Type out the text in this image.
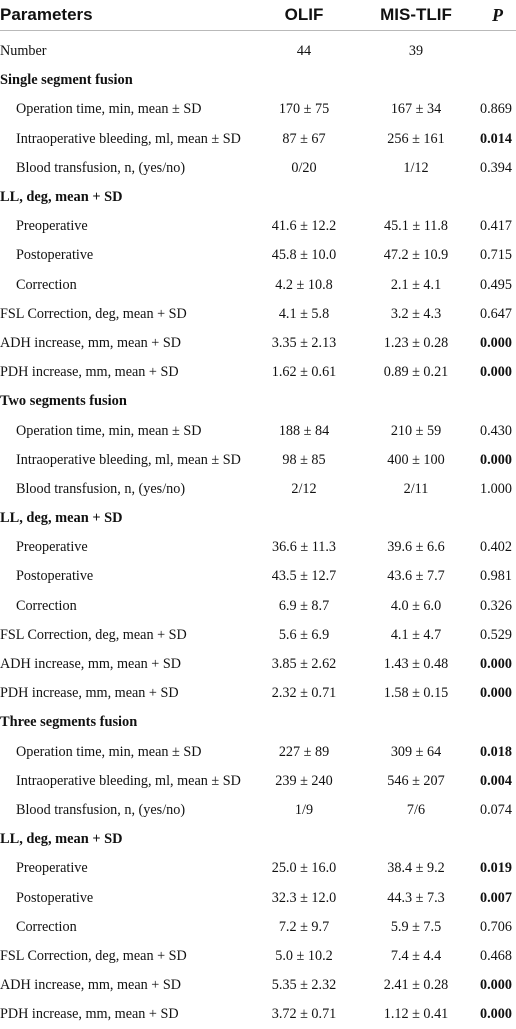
Parameters	OLIF	MIS-TLIF	P
Number	44	39
Single segment fusion
Operation time, min, mean ± SD	170 ± 75	167 ± 34	0.869
Intraoperative bleeding, ml, mean ± SD	87 ± 67	256 ± 161	0.014
Blood transfusion, n, (yes/no)	0/20	1/12	0.394
LL, deg, mean + SD
Preoperative	41.6 ± 12.2	45.1 ± 11.8	0.417
Postoperative	45.8 ± 10.0	47.2 ± 10.9	0.715
Correction	4.2 ± 10.8	2.1 ± 4.1	0.495
FSL Correction, deg, mean + SD	4.1 ± 5.8	3.2 ± 4.3	0.647
ADH increase, mm, mean + SD	3.35 ± 2.13	1.23 ± 0.28	0.000
PDH increase, mm, mean + SD	1.62 ± 0.61	0.89 ± 0.21	0.000
Two segments fusion
Operation time, min, mean ± SD	188 ± 84	210 ± 59	0.430
Intraoperative bleeding, ml, mean ± SD	98 ± 85	400 ± 100	0.000
Blood transfusion, n, (yes/no)	2/12	2/11	1.000
LL, deg, mean + SD
Preoperative	36.6 ± 11.3	39.6 ± 6.6	0.402
Postoperative	43.5 ± 12.7	43.6 ± 7.7	0.981
Correction	6.9 ± 8.7	4.0 ± 6.0	0.326
FSL Correction, deg, mean + SD	5.6 ± 6.9	4.1 ± 4.7	0.529
ADH increase, mm, mean + SD	3.85 ± 2.62	1.43 ± 0.48	0.000
PDH increase, mm, mean + SD	2.32 ± 0.71	1.58 ± 0.15	0.000
Three segments fusion
Operation time, min, mean ± SD	227 ± 89	309 ± 64	0.018
Intraoperative bleeding, ml, mean ± SD	239 ± 240	546 ± 207	0.004
Blood transfusion, n, (yes/no)	1/9	7/6	0.074
LL, deg, mean + SD
Preoperative	25.0 ± 16.0	38.4 ± 9.2	0.019
Postoperative	32.3 ± 12.0	44.3 ± 7.3	0.007
Correction	7.2 ± 9.7	5.9 ± 7.5	0.706
FSL Correction, deg, mean + SD	5.0 ± 10.2	7.4 ± 4.4	0.468
ADH increase, mm, mean + SD	5.35 ± 2.32	2.41 ± 0.28	0.000
PDH increase, mm, mean + SD	3.72 ± 0.71	1.12 ± 0.41	0.000
